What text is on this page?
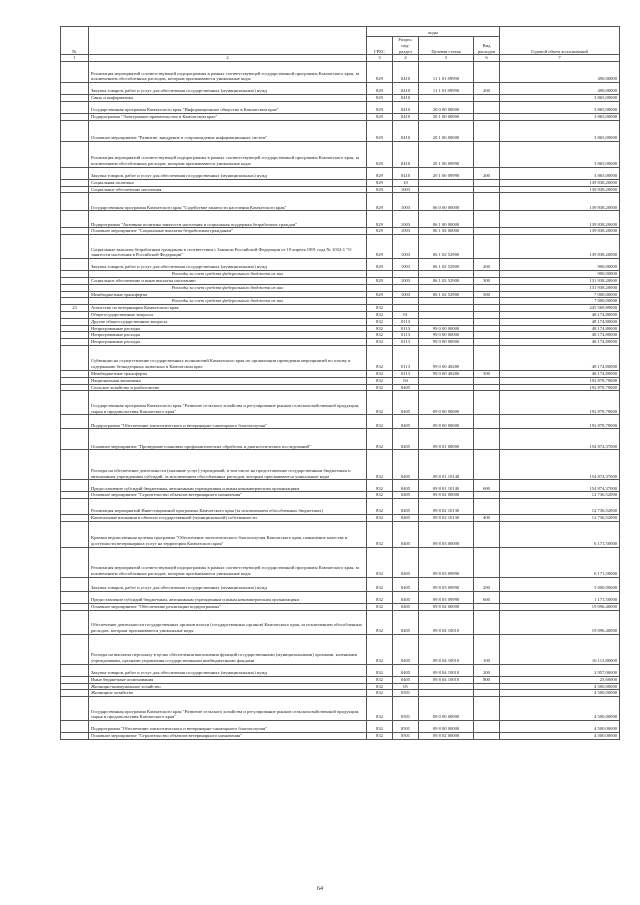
№		коды				Годовой объем ассигнований
		ГРБС	Раздел, под-раздел	Целевая статья	Вид расходов	
1	2	3	4	5	6	7
	Реализация мероприятий соответствующей подпрограммы в рамках соответствующей государственной программы Камчатского края, за исключением обособленных расходов, которым присваиваются уникальные коды	829	0410	11 1 01 09990		490,00000
	Закупка товаров, работ и услуг для обеспечения государственных (муниципальных) нужд	829	0410	11 1 01 09990	200	490,00000
	Связь и информатика	829	0410			3 865,00000
	Государственная программа Камчатского края "Информационное общество в Камчатском крае"	829	0410	20 0 00 00000		3 865,00000
	Подпрограмма "Электронное правительство в Камчатском крае"	829	0410	20 1 00 00000		3 865,00000
	Основное мероприятие "Развитие, внедрение и сопровождение информационных систем"	829	0410	20 1 06 00000		3 865,00000
	Реализация мероприятий соответствующей подпрограммы в рамках соответствующей государственной программы Камчатского края, за исключением обособленных расходов, которым присваиваются уникальные коды	829	0410	20 1 06 09990		3 865,00000
	Закупка товаров, работ и услуг для обеспечения государственных (муниципальных) нужд	829	0410	20 1 06 09990	200	3 865,00000
	Социальная политика	829	10			139 838,20000
	Социальное обеспечение населения	829	1003			139 838,20000
	Государственная программа Камчатского края "Содействие занятости населения Камчатского края"	829	1003	06 0 00 00000		139 838,20000
	Подпрограмма "Активная политика занятости населения и социальная поддержка безработных граждан"	829	1003	06 1 00 00000		139 838,20000
	Основное мероприятие "Социальные выплаты безработным гражданам"	829	1003	06 1 02 00000		139 838,20000
	Социальные выплаты безработным гражданам в соответствии с Законом Российской Федерации от 19 апреля 1991 года № 1032-1 "О занятости населения в Российской Федерации"	829	1003	06 1 02 52900		139 838,20000
	Закупка товаров, работ и услуг для обеспечения государственных (муниципальных) нужд	829	1003	06 1 02 52900	200	900,00000
	Расходы за счет средств федерального бюджета из них					900,00000
	Социальное обеспечение и иные выплаты населению	829	1003	06 1 02 52900	300	131 938,20000
	Расходы за счет средств федерального бюджета из них					131 938,20000
	Межбюджетные трансферты	829	1003	06 1 02 52900	500	7 000,00000
	Расходы за счет средств федерального бюджета из них					7 000,00000
23	Агентство по ветеринарии Камчатского края	832				245 569,89000
	Общегосударственные вопросы	832	01			48 174,80000
	Другие общегосударственные вопросы	832	0113			48 174,80000
	Непрограммные расходы	832	0113	99 0 00 00000		48 174,80000
	Непрограммные расходы	832	0113	99 0 00 00000		48 174,80000
	Непрограммные расходы	832	0113	99 0 00 00000		48 174,80000
	Субвенции на осуществление государственных полномочий Камчатского края по организации проведения мероприятий по отлову и содержанию безнадзорных животных в Камчатском крае	832	0113	99 0 00 40280		48 174,80000
	Межбюджетные трансферты	832	0113	99 0 00 40280	500	48 174,80000
	Национальная экономика	832	04			192 878,79000
	Сельское хозяйство и рыболовство	832	0405			192 878,79000
	Государственная программа Камчатского края "Развитие сельского хозяйства и регулирование рынков сельскохозяйственной продукции, сырья и продовольствия Камчатского края"	832	0405	09 0 00 00000		192 878,79000
	Подпрограмма "Обеспечение эпизоотического и ветеринарно-санитарного благополучия"	832	0405	09 8 00 00000		192 878,79000
	Основное мероприятие "Проведение плановых профилактических обработок и диагностических исследований"	832	0405	09 8 01 00000		154 874,37000
	Расходы на обеспечение деятельности (оказание услуг) учреждений, в том числе на предоставление государственным бюджетным и автономным учреждениям субсидий, за исключением обособленных расходов, которым присваиваются уникальные коды	832	0405	09 8 01 10140		154 874,37000
	Предоставление субсидий бюджетным, автономным учреждениям и иным некоммерческим организациям	832	0405	09 8 01 10140	600	154 874,37000
	Основное мероприятие "Строительство объектов ветеринарного назначения"	832	0405	09 8 02 00000		12 736,52000
	Реализация мероприятий Инвестиционной программы Камчатского края (за исключением обособленных бюджетных)	832	0405	09 8 02 10130		12 736,52000
	Капитальные вложения в объекты государственной (муниципальной) собственности	832	0405	09 8 02 10130	400	12 736,52000
	Краевая ведомственная целевая программа "Обеспечение эпизоотического благополучия Камчатского края, повышение качества и доступности ветеринарных услуг на территории Камчатского края"	832	0405	09 8 03 00000		6 171,50000
	Реализация мероприятий соответствующей подпрограммы в рамках соответствующей государственной программы Камчатского края, за исключением обособленных расходов, которым присваиваются уникальные коды	832	0405	09 8 03 09990		6 171,50000
	Закупка товаров, работ и услуг для обеспечения государственных (муниципальных) нужд	832	0405	09 8 03 09990	200	5 000,00000
	Предоставление субсидий бюджетным, автономным учреждениям и иным некоммерческим организациям	832	0405	09 8 03 09990	600	1 171,50000
	Основное мероприятие "Обеспечение реализации подпрограммы"	832	0405	09 8 04 00000		19 096,40000
	Обеспечение деятельности государственных органов власти (государственных органов) Камчатского края, за исключением обособленных расходов, которым присваиваются уникальные коды	832	0405	09 8 04 10010		19 096,40000
	Расходы на выплаты персоналу в целях обеспечения выполнения функций государственными (муниципальными) органами, казенными учреждениями, органами управления государственными внебюджетными фондами	832	0405	09 8 04 10010	100	16 113,80000
	Закупка товаров, работ и услуг для обеспечения государственных (муниципальных) нужд	832	0405	09 8 04 10010	200	2 957,00000
	Иные бюджетные ассигнования	832	0405	09 8 04 10010	800	25,60000
	Жилищно-коммунальное хозяйство	832	05			4 500,00000
	Жилищное хозяйство	832	0501			4 500,00000
	Государственная программа Камчатского края "Развитие сельского хозяйства и регулирование рынков сельскохозяйственной продукции, сырья и продовольствия Камчатского края"	832	0501	09 0 00 00000		4 500,00000
	Подпрограмма "Обеспечение эпизоотического и ветеринарно-санитарного благополучия"	832	0501	09 8 00 00000		4 500,00000
	Основное мероприятие "Строительство объектов ветеринарного назначения"	832	0501	09 8 02 00000		4 500,00000
64
